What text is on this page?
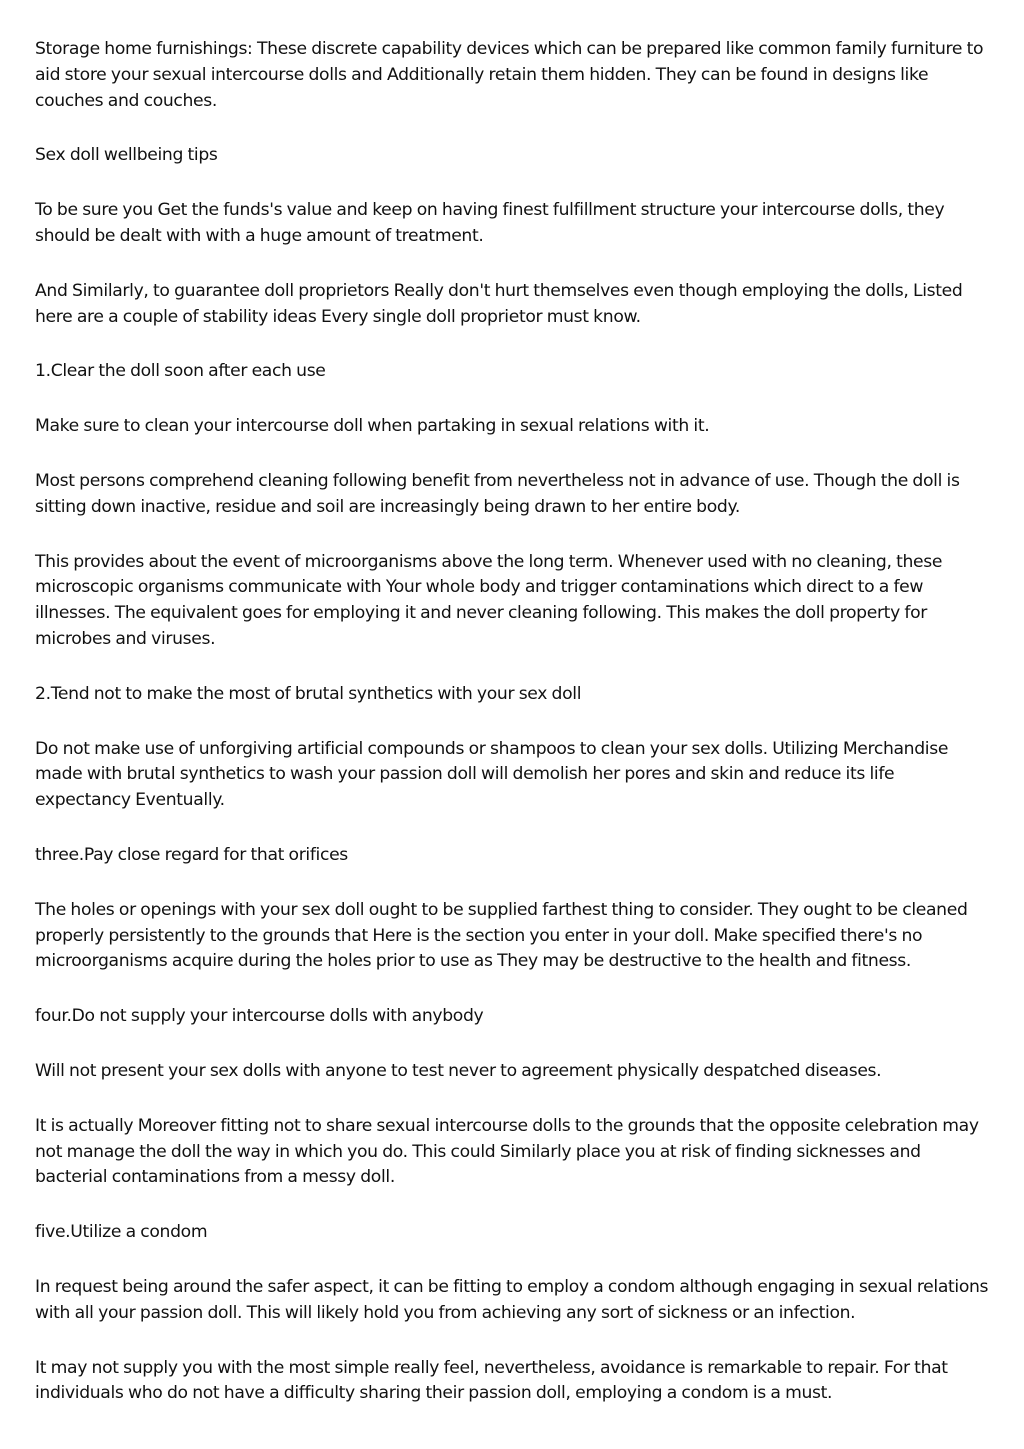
Storage home furnishings: These discrete capability devices which can be prepared like common family furniture to aid store your sexual intercourse dolls and Additionally retain them hidden. They can be found in designs like couches and couches.

Sex doll wellbeing tips

To be sure you Get the funds's value and keep on having finest fulfillment structure your intercourse dolls, they should be dealt with with a huge amount of treatment.

And Similarly, to guarantee doll proprietors Really don't hurt themselves even though employing the dolls, Listed here are a couple of stability ideas Every single doll proprietor must know.

1.Clear the doll soon after each use

Make sure to clean your intercourse doll when partaking in sexual relations with it.

Most persons comprehend cleaning following benefit from nevertheless not in advance of use. Though the doll is sitting down inactive, residue and soil are increasingly being drawn to her entire body.

This provides about the event of microorganisms above the long term. Whenever used with no cleaning, these microscopic organisms communicate with Your whole body and trigger contaminations which direct to a few illnesses. The equivalent goes for employing it and never cleaning following. This makes the doll property for microbes and viruses.

2.Tend not to make the most of brutal synthetics with your sex doll

Do not make use of unforgiving artificial compounds or shampoos to clean your sex dolls. Utilizing Merchandise made with brutal synthetics to wash your passion doll will demolish her pores and skin and reduce its life expectancy Eventually.

three.Pay close regard for that orifices

The holes or openings with your sex doll ought to be supplied farthest thing to consider. They ought to be cleaned properly persistently to the grounds that Here is the section you enter in your doll. Make specified there's no microorganisms acquire during the holes prior to use as They may be destructive to the health and fitness.

four.Do not supply your intercourse dolls with anybody

Will not present your sex dolls with anyone to test never to agreement physically despatched diseases.

It is actually Moreover fitting not to share sexual intercourse dolls to the grounds that the opposite celebration may not manage the doll the way in which you do. This could Similarly place you at risk of finding sicknesses and bacterial contaminations from a messy doll.

five.Utilize a condom

In request being around the safer aspect, it can be fitting to employ a condom although engaging in sexual relations with all your passion doll. This will likely hold you from achieving any sort of sickness or an infection.

It may not supply you with the most simple really feel, nevertheless, avoidance is remarkable to repair. For that individuals who do not have a difficulty sharing their passion doll, employing a condom is a must.
